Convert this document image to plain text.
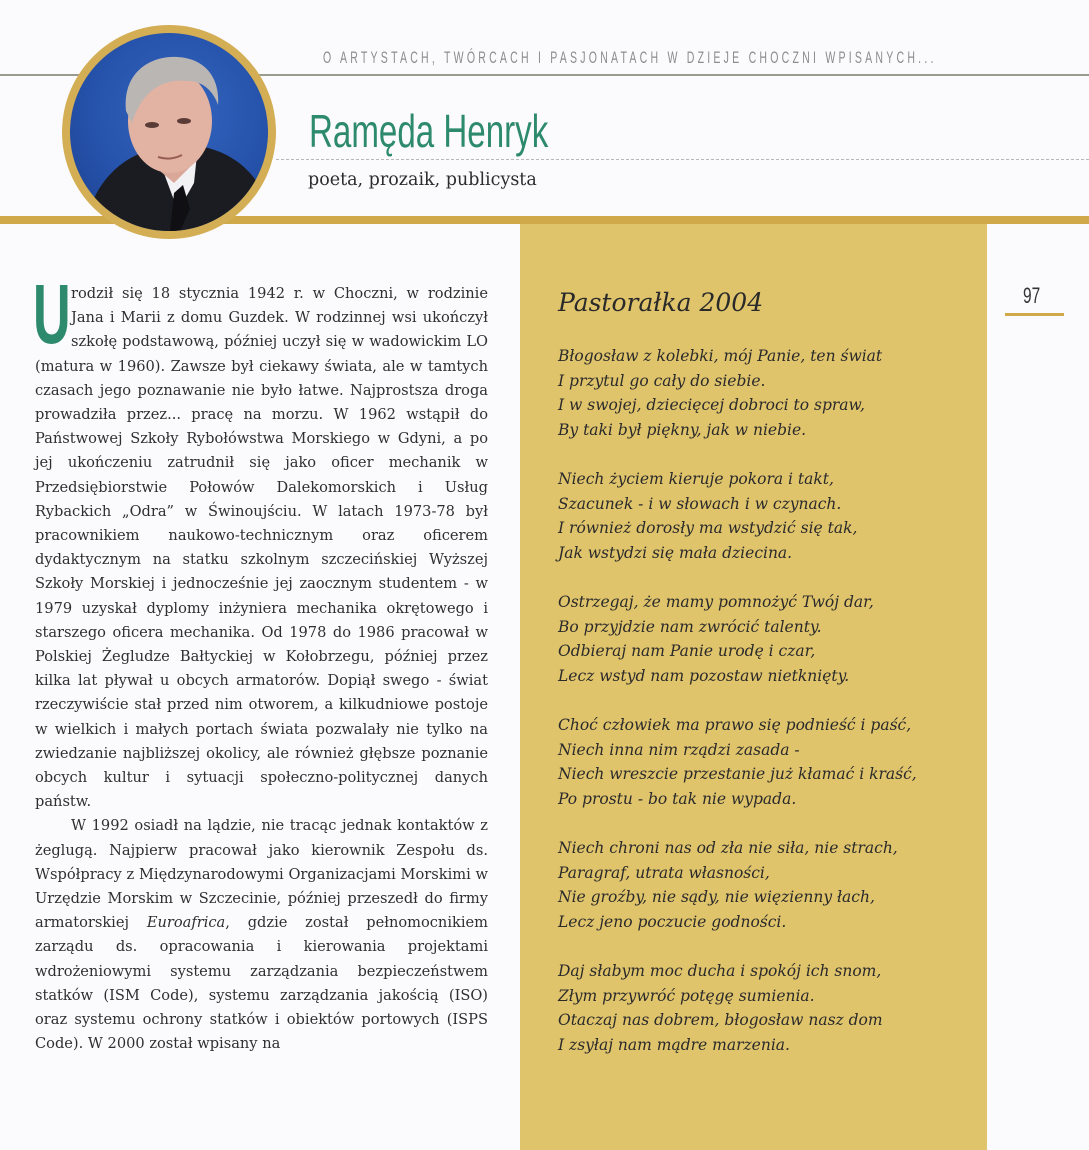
O ARTYSTACH, TWÓRCACH I PASJONATACH W DZIEJE CHOCZNI WPISANYCH...
Ramęda Henryk
poeta, prozaik, publicysta
97

U rodził się 18 stycznia 1942 r. w Choczni, w rodzinie Jana i Marii z domu Guzdek. W rodzinnej wsi ukończył szkołę podstawową, później uczył się w wadowickim LO (matura w 1960). Zawsze był ciekawy świata, ale w tamtych czasach jego poznawanie nie było łatwe. Najprostsza droga prowadziła przez... pracę na morzu. W 1962 wstąpił do Państwowej Szkoły Rybołówstwa Morskiego w Gdyni, a po jej ukończeniu zatrudnił się jako oficer mechanik w Przedsiębiorstwie Połowów Dalekomorskich i Usług Rybackich „Odra” w Świnoujściu. W latach 1973-78 był pracownikiem naukowo-technicznym oraz oficerem dydaktycznym na statku szkolnym szczecińskiej Wyższej Szkoły Morskiej i jednocześnie jej zaocznym studentem - w 1979 uzyskał dyplomy inżyniera mechanika okrętowego i starszego oficera mechanika. Od 1978 do 1986 pracował w Polskiej Żegludze Bałtyckiej w Kołobrzegu, później przez kilka lat pływał u obcych armatorów. Dopiął swego - świat rzeczywiście stał przed nim otworem, a kilkudniowe postoje w wielkich i małych portach świata pozwalały nie tylko na zwiedzanie najbliższej okolicy, ale również głębsze poznanie obcych kultur i sytuacji społeczno-politycznej danych państw.

W 1992 osiadł na lądzie, nie tracąc jednak kontaktów z żeglugą. Najpierw pracował jako kierownik Zespołu ds. Współpracy z Międzynarodowymi Organizacjami Morskimi w Urzędzie Morskim w Szczecinie, później przeszedł do firmy armatorskiej Euroafrica, gdzie został pełnomocnikiem zarządu ds. opracowania i kierowania projektami wdrożeniowymi systemu zarządzania bezpieczeństwem statków (ISM Code), systemu zarządzania jakością (ISO) oraz systemu ochrony statków i obiektów portowych (ISPS Code). W 2000 został wpisany na

Pastorałka 2004
Błogosław z kolebki, mój Panie, ten świat
I przytul go cały do siebie.
I w swojej, dziecięcej dobroci to spraw,
By taki był piękny, jak w niebie.
Niech życiem kieruje pokora i takt,
Szacunek - i w słowach i w czynach.
I również dorosły ma wstydzić się tak,
Jak wstydzi się mała dziecina.
Ostrzegaj, że mamy pomnożyć Twój dar,
Bo przyjdzie nam zwrócić talenty.
Odbieraj nam Panie urodę i czar,
Lecz wstyd nam pozostaw nietknięty.
Choć człowiek ma prawo się podnieść i paść,
Niech inna nim rządzi zasada -
Niech wreszcie przestanie już kłamać i kraść,
Po prostu - bo tak nie wypada.
Niech chroni nas od zła nie siła, nie strach,
Paragraf, utrata własności,
Nie groźby, nie sądy, nie więzienny łach,
Lecz jeno poczucie godności.
Daj słabym moc ducha i spokój ich snom,
Złym przywróć potęgę sumienia.
Otaczaj nas dobrem, błogosław nasz dom
I zsyłaj nam mądre marzenia.
